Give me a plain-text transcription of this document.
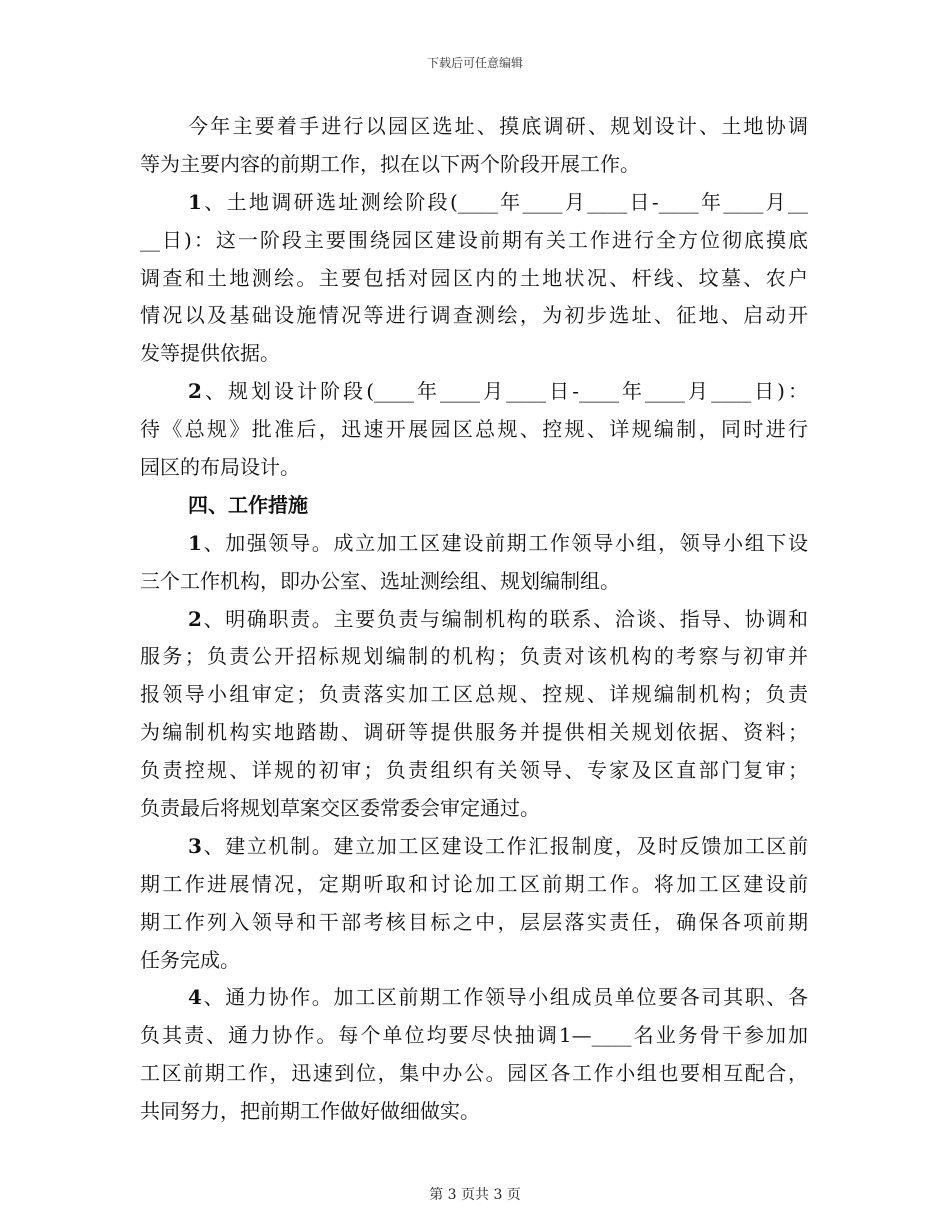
下载后可任意编辑
今年主要着手进行以园区选址、摸底调研、规划设计、土地协调
等为主要内容的前期工作，拟在以下两个阶段开展工作。
1、土地调研选址测绘阶段(____年____月____日-____年____月__
__日)：这一阶段主要围绕园区建设前期有关工作进行全方位彻底摸底
调查和土地测绘。主要包括对园区内的土地状况、杆线、坟墓、农户
情况以及基础设施情况等进行调查测绘，为初步选址、征地、启动开
发等提供依据。
2、规划设计阶段(____年____月____日-____年____月____日)：
待《总规》批准后，迅速开展园区总规、控规、详规编制，同时进行
园区的布局设计。
四、工作措施
1、加强领导。成立加工区建设前期工作领导小组，领导小组下设
三个工作机构，即办公室、选址测绘组、规划编制组。
2、明确职责。主要负责与编制机构的联系、洽谈、指导、协调和
服务；负责公开招标规划编制的机构；负责对该机构的考察与初审并
报领导小组审定；负责落实加工区总规、控规、详规编制机构；负责
为编制机构实地踏勘、调研等提供服务并提供相关规划依据、资料；
负责控规、详规的初审；负责组织有关领导、专家及区直部门复审；
负责最后将规划草案交区委常委会审定通过。
3、建立机制。建立加工区建设工作汇报制度，及时反馈加工区前
期工作进展情况，定期听取和讨论加工区前期工作。将加工区建设前
期工作列入领导和干部考核目标之中，层层落实责任，确保各项前期
任务完成。
4、通力协作。加工区前期工作领导小组成员单位要各司其职、各
负其责、通力协作。每个单位均要尽快抽调1—____名业务骨干参加加
工区前期工作，迅速到位，集中办公。园区各工作小组也要相互配合，
共同努力，把前期工作做好做细做实。
第 3 页共 3 页
